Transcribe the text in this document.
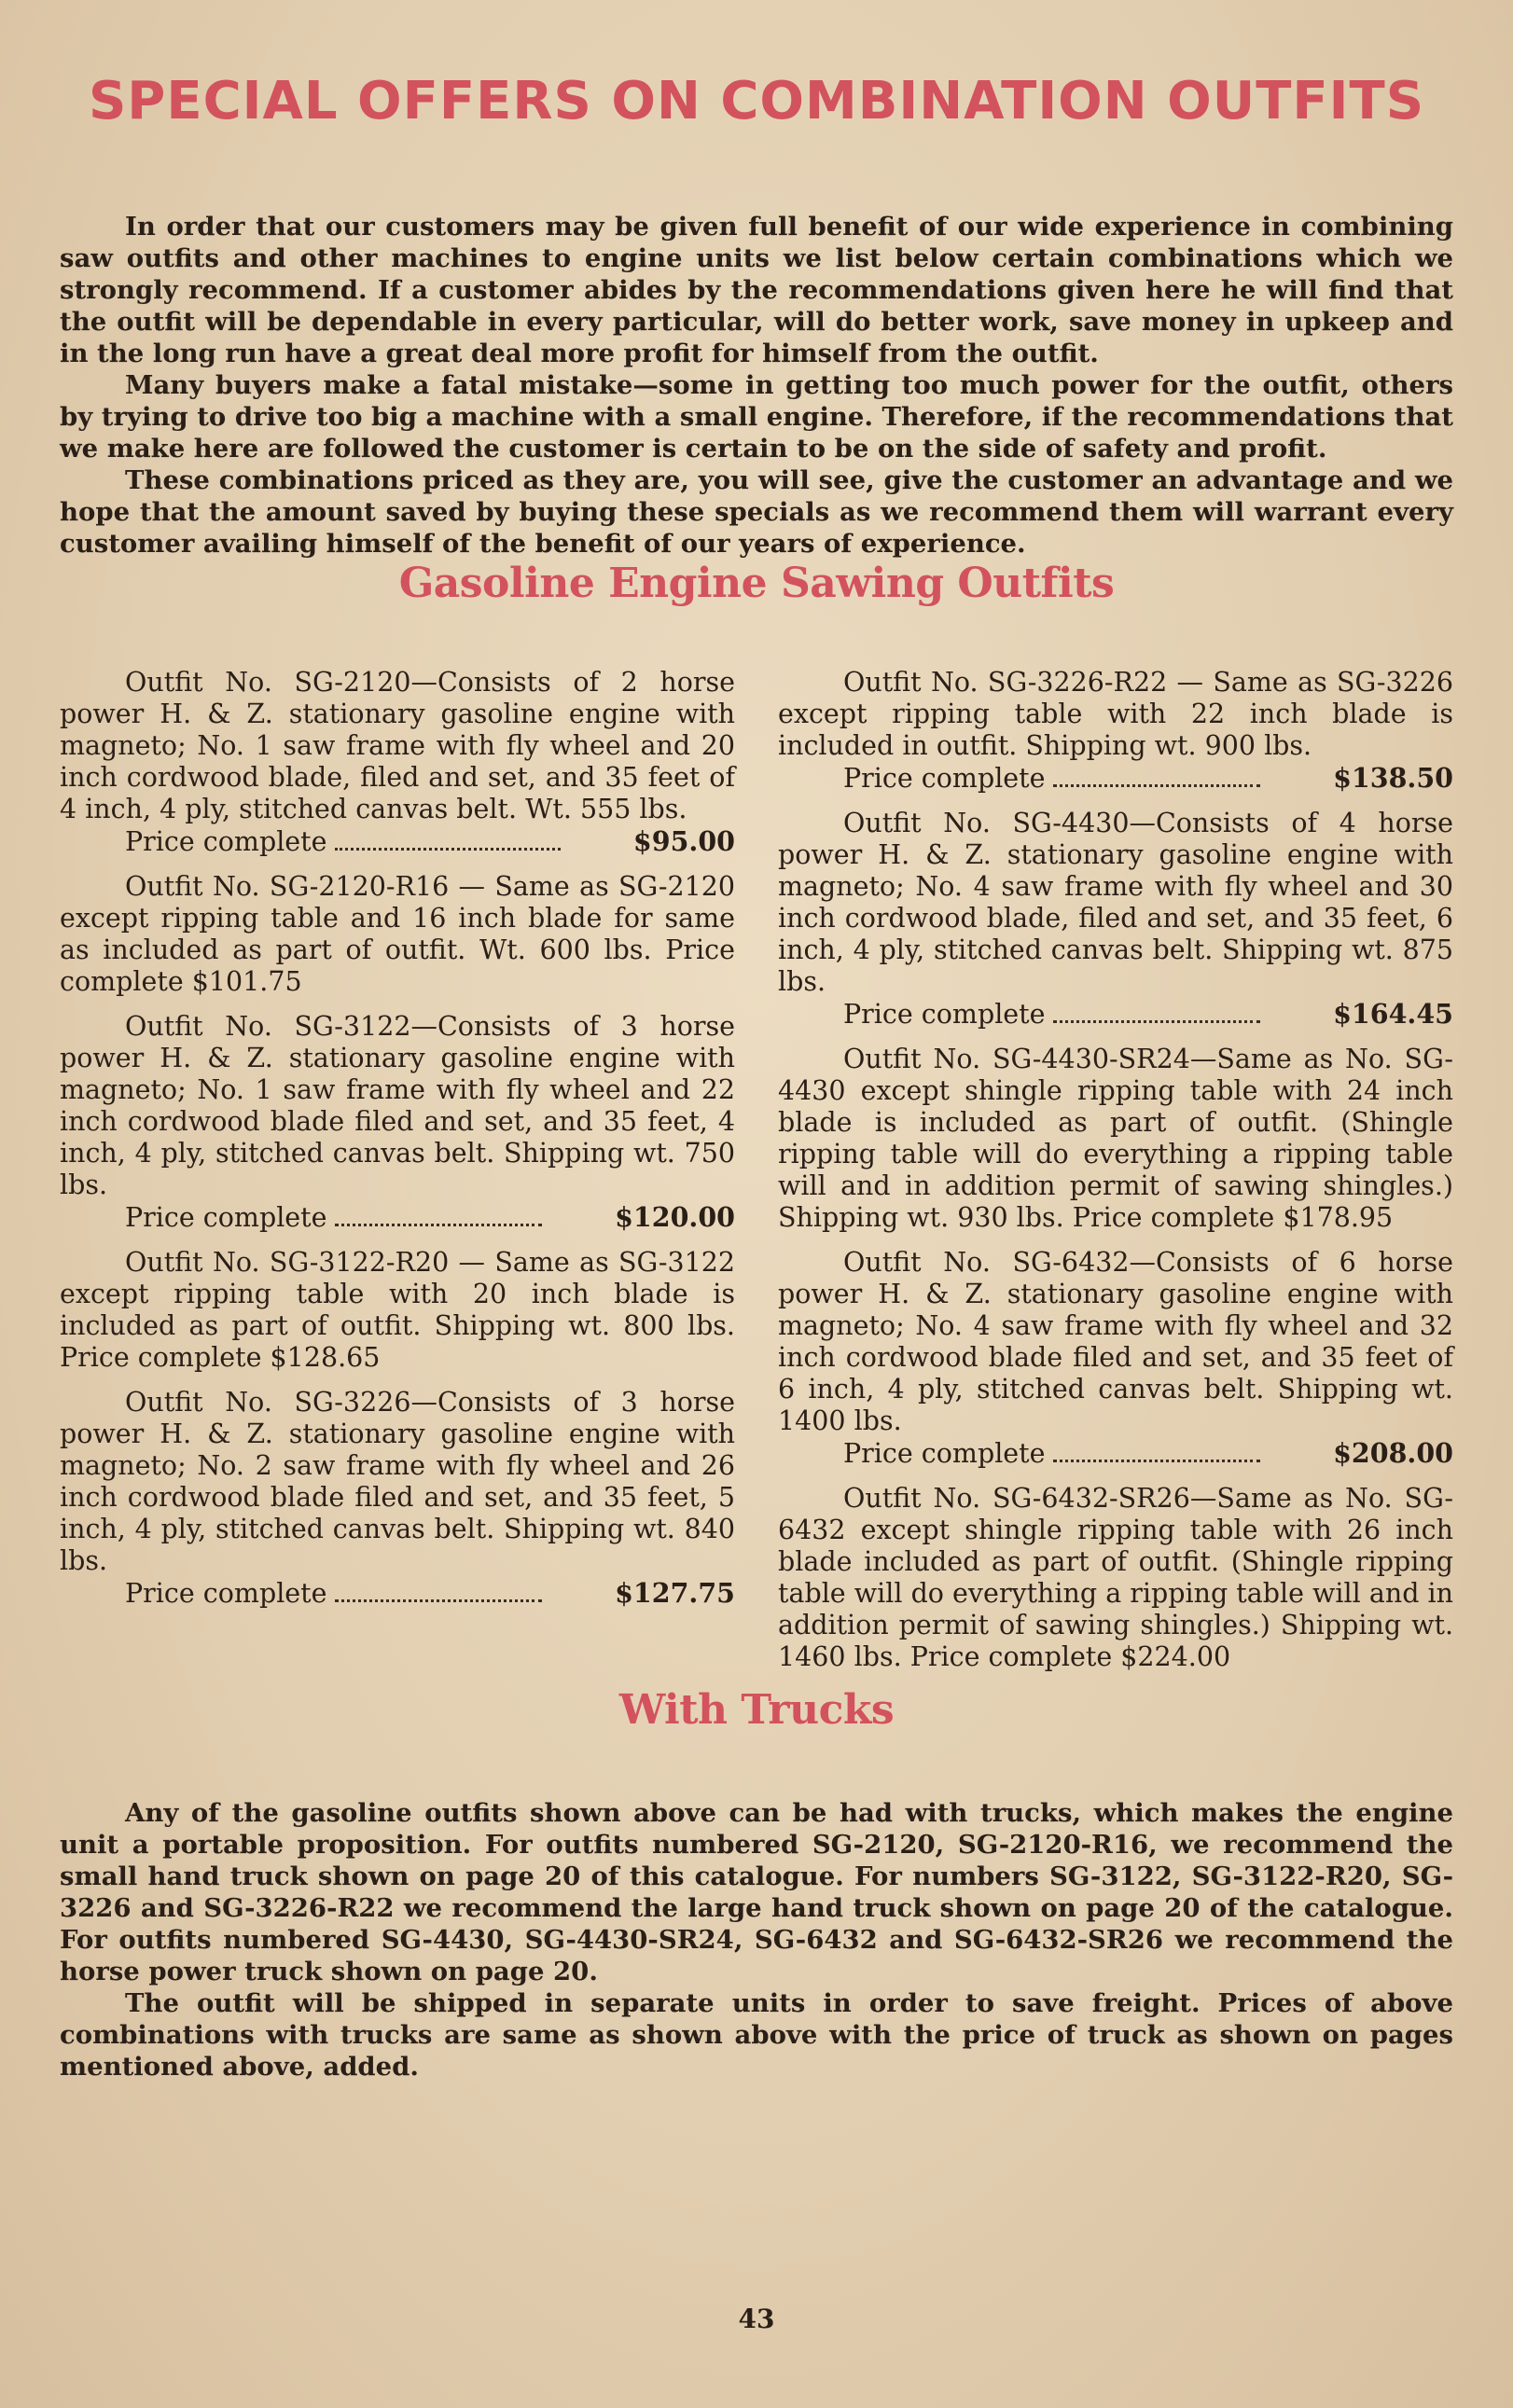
SPECIAL OFFERS ON COMBINATION OUTFITS

In order that our customers may be given full benefit of our wide experience in combining saw outfits and other machines to engine units we list below certain combinations which we strongly recommend. If a customer abides by the recommendations given here he will find that the outfit will be dependable in every particular, will do better work, save money in upkeep and in the long run have a great deal more profit for himself from the outfit.

Many buyers make a fatal mistake—some in getting too much power for the outfit, others by trying to drive too big a machine with a small engine. Therefore, if the recommendations that we make here are followed the customer is certain to be on the side of safety and profit.

These combinations priced as they are, you will see, give the customer an advantage and we hope that the amount saved by buying these specials as we recommend them will warrant every customer availing himself of the benefit of our years of experience.

Gasoline Engine Sawing Outfits

Outfit No. SG-2120—Consists of 2 horse power H. & Z. stationary gasoline engine with magneto; No. 1 saw frame with fly wheel and 20 inch cordwood blade, filed and set, and 35 feet of 4 inch, 4 ply, stitched canvas belt. Wt. 555 lbs.
Price complete	$95.00

Outfit No. SG-2120-R16 — Same as SG-2120 except ripping table and 16 inch blade for same as included as part of outfit. Wt. 600 lbs. Price complete $101.75

Outfit No. SG-3122—Consists of 3 horse power H. & Z. stationary gasoline engine with magneto; No. 1 saw frame with fly wheel and 22 inch cordwood blade filed and set, and 35 feet, 4 inch, 4 ply, stitched canvas belt. Shipping wt. 750 lbs.
Price complete	$120.00

Outfit No. SG-3122-R20 — Same as SG-3122 except ripping table with 20 inch blade is included as part of outfit. Shipping wt. 800 lbs. Price complete $128.65

Outfit No. SG-3226—Consists of 3 horse power H. & Z. stationary gasoline engine with magneto; No. 2 saw frame with fly wheel and 26 inch cordwood blade filed and set, and 35 feet, 5 inch, 4 ply, stitched canvas belt. Shipping wt. 840 lbs.
Price complete	$127.75

Outfit No. SG-3226-R22 — Same as SG-3226 except ripping table with 22 inch blade is included in outfit. Shipping wt. 900 lbs.
Price complete	$138.50

Outfit No. SG-4430—Consists of 4 horse power H. & Z. stationary gasoline engine with magneto; No. 4 saw frame with fly wheel and 30 inch cordwood blade, filed and set, and 35 feet, 6 inch, 4 ply, stitched canvas belt. Shipping wt. 875 lbs.
Price complete	$164.45

Outfit No. SG-4430-SR24—Same as No. SG-4430 except shingle ripping table with 24 inch blade is included as part of outfit. (Shingle ripping table will do everything a ripping table will and in addition permit of sawing shingles.) Shipping wt. 930 lbs. Price complete $178.95

Outfit No. SG-6432—Consists of 6 horse power H. & Z. stationary gasoline engine with magneto; No. 4 saw frame with fly wheel and 32 inch cordwood blade filed and set, and 35 feet of 6 inch, 4 ply, stitched canvas belt. Shipping wt. 1400 lbs.
Price complete	$208.00

Outfit No. SG-6432-SR26—Same as No. SG-6432 except shingle ripping table with 26 inch blade included as part of outfit. (Shingle ripping table will do everything a ripping table will and in addition permit of sawing shingles.) Shipping wt. 1460 lbs. Price complete $224.00

With Trucks

Any of the gasoline outfits shown above can be had with trucks, which makes the engine unit a portable proposition. For outfits numbered SG-2120, SG-2120-R16, we recommend the small hand truck shown on page 20 of this catalogue. For numbers SG-3122, SG-3122-R20, SG-3226 and SG-3226-R22 we recommend the large hand truck shown on page 20 of the catalogue. For outfits numbered SG-4430, SG-4430-SR24, SG-6432 and SG-6432-SR26 we recommend the horse power truck shown on page 20.

The outfit will be shipped in separate units in order to save freight. Prices of above combinations with trucks are same as shown above with the price of truck as shown on pages mentioned above, added.

43
